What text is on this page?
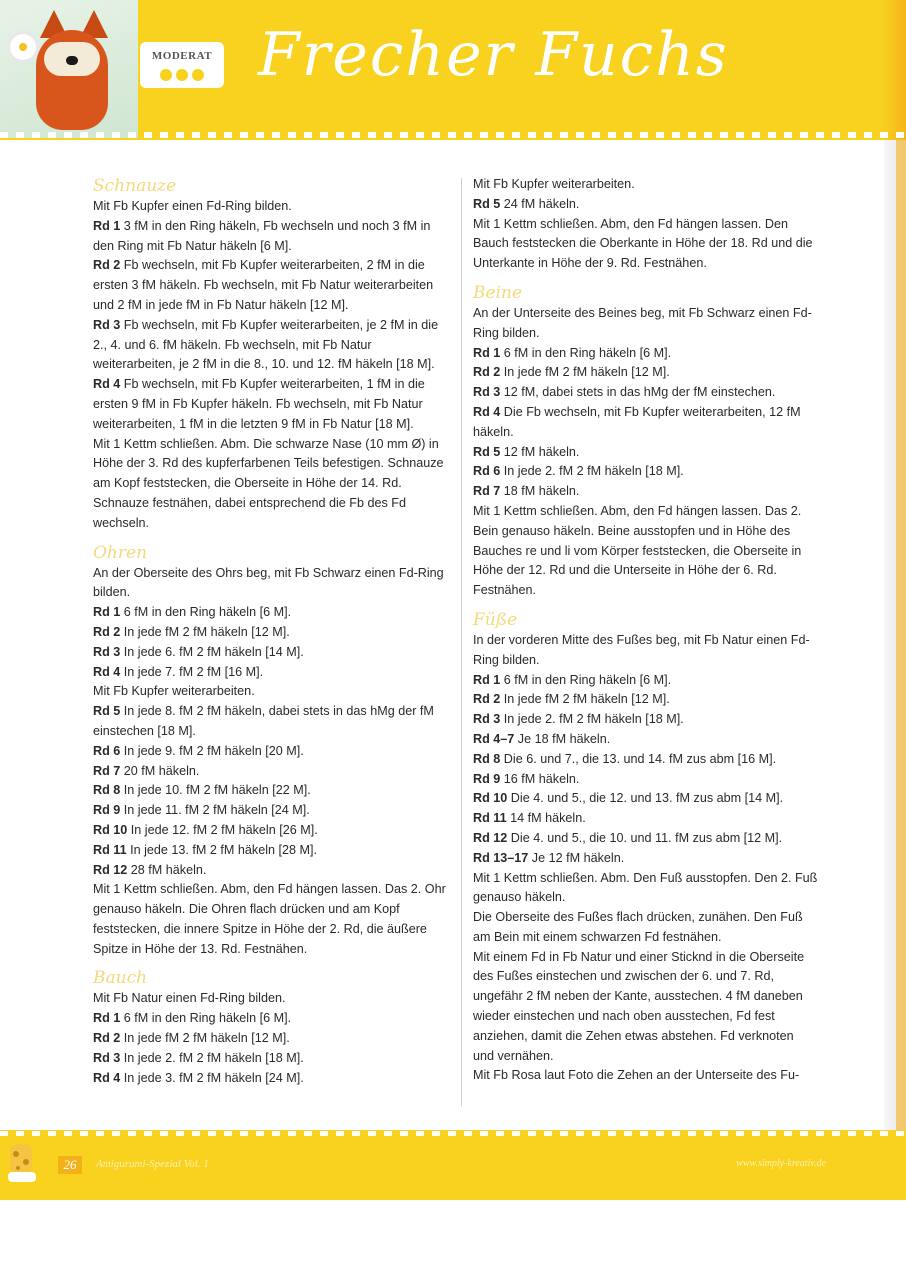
MODERAT Frecher Fuchs

Schnauze

Mit Fb Kupfer einen Fd-Ring bilden.

Rd 1 3 fM in den Ring häkeln, Fb wechseln und noch 3 fM in den Ring mit Fb Natur häkeln [6 M].

Rd 2 Fb wechseln, mit Fb Kupfer weiterarbeiten, 2 fM in die ersten 3 fM häkeln. Fb wechseln, mit Fb Natur weiterarbeiten und 2 fM in jede fM in Fb Natur häkeln [12 M].

Rd 3 Fb wechseln, mit Fb Kupfer weiterarbeiten, je 2 fM in die 2., 4. und 6. fM häkeln. Fb wechseln, mit Fb Natur weiterarbeiten, je 2 fM in die 8., 10. und 12. fM häkeln [18 M].

Rd 4 Fb wechseln, mit Fb Kupfer weiterarbeiten, 1 fM in die ersten 9 fM in Fb Kupfer häkeln. Fb wechseln, mit Fb Natur weiterarbeiten, 1 fM in die letzten 9 fM in Fb Natur [18 M].

Mit 1 Kettm schließen. Abm. Die schwarze Nase (10 mm Ø) in Höhe der 3. Rd des kupferfarbenen Teils befestigen. Schnauze am Kopf feststecken, die Oberseite in Höhe der 14. Rd. Schnauze festnähen, dabei entsprechend die Fb des Fd wechseln.

Ohren

An der Oberseite des Ohrs beg, mit Fb Schwarz einen Fd-Ring bilden.

Rd 1 6 fM in den Ring häkeln [6 M].

Rd 2 In jede fM 2 fM häkeln [12 M].

Rd 3 In jede 6. fM 2 fM häkeln [14 M].

Rd 4 In jede 7. fM 2 fM [16 M].

Mit Fb Kupfer weiterarbeiten.

Rd 5 In jede 8. fM 2 fM häkeln, dabei stets in das hMg der fM einstechen [18 M].

Rd 6 In jede 9. fM 2 fM häkeln [20 M].

Rd 7 20 fM häkeln.

Rd 8 In jede 10. fM 2 fM häkeln [22 M].

Rd 9 In jede 11. fM 2 fM häkeln [24 M].

Rd 10 In jede 12. fM 2 fM häkeln [26 M].

Rd 11 In jede 13. fM 2 fM häkeln [28 M].

Rd 12 28 fM häkeln.

Mit 1 Kettm schließen. Abm, den Fd hängen lassen. Das 2. Ohr genauso häkeln. Die Ohren flach drücken und am Kopf feststecken, die innere Spitze in Höhe der 2. Rd, die äußere Spitze in Höhe der 13. Rd. Festnähen.

Bauch

Mit Fb Natur einen Fd-Ring bilden.

Rd 1 6 fM in den Ring häkeln [6 M].

Rd 2 In jede fM 2 fM häkeln [12 M].

Rd 3 In jede 2. fM 2 fM häkeln [18 M].

Rd 4 In jede 3. fM 2 fM häkeln [24 M].

Mit Fb Kupfer weiterarbeiten.

Rd 5 24 fM häkeln.

Mit 1 Kettm schließen. Abm, den Fd hängen lassen. Den Bauch feststecken die Oberkante in Höhe der 18. Rd und die Unterkante in Höhe der 9. Rd. Festnähen.

Beine

An der Unterseite des Beines beg, mit Fb Schwarz einen Fd-Ring bilden.

Rd 1 6 fM in den Ring häkeln [6 M].

Rd 2 In jede fM 2 fM häkeln [12 M].

Rd 3 12 fM, dabei stets in das hMg der fM einstechen.

Rd 4 Die Fb wechseln, mit Fb Kupfer weiterarbeiten, 12 fM häkeln.

Rd 5 12 fM häkeln.

Rd 6 In jede 2. fM 2 fM häkeln [18 M].

Rd 7 18 fM häkeln.

Mit 1 Kettm schließen. Abm, den Fd hängen lassen. Das 2. Bein genauso häkeln. Beine ausstopfen und in Höhe des Bauches re und li vom Körper feststecken, die Oberseite in Höhe der 12. Rd und die Unterseite in Höhe der 6. Rd. Festnähen.

Füße

In der vorderen Mitte des Fußes beg, mit Fb Natur einen Fd-Ring bilden.

Rd 1 6 fM in den Ring häkeln [6 M].

Rd 2 In jede fM 2 fM häkeln [12 M].

Rd 3 In jede 2. fM 2 fM häkeln [18 M].

Rd 4–7 Je 18 fM häkeln.

Rd 8 Die 6. und 7., die 13. und 14. fM zus abm [16 M].

Rd 9 16 fM häkeln.

Rd 10 Die 4. und 5., die 12. und 13. fM zus abm [14 M].

Rd 11 14 fM häkeln.

Rd 12 Die 4. und 5., die 10. und 11. fM zus abm [12 M].

Rd 13–17 Je 12 fM häkeln.

Mit 1 Kettm schließen. Abm. Den Fuß ausstopfen. Den 2. Fuß genauso häkeln.

Die Oberseite des Fußes flach drücken, zunähen. Den Fuß am Bein mit einem schwarzen Fd festnähen.

Mit einem Fd in Fb Natur und einer Sticknd in die Oberseite des Fußes einstechen und zwischen der 6. und 7. Rd, ungefähr 2 fM neben der Kante, ausstechen. 4 fM daneben wieder einstechen und nach oben ausstechen, Fd fest anziehen, damit die Zehen etwas abstehen. Fd verknoten und vernähen.

Mit Fb Rosa laut Foto die Zehen an der Unterseite des Fu-

26	Amigurumi-Spezial Vol. 1	www.simply-kreativ.de
